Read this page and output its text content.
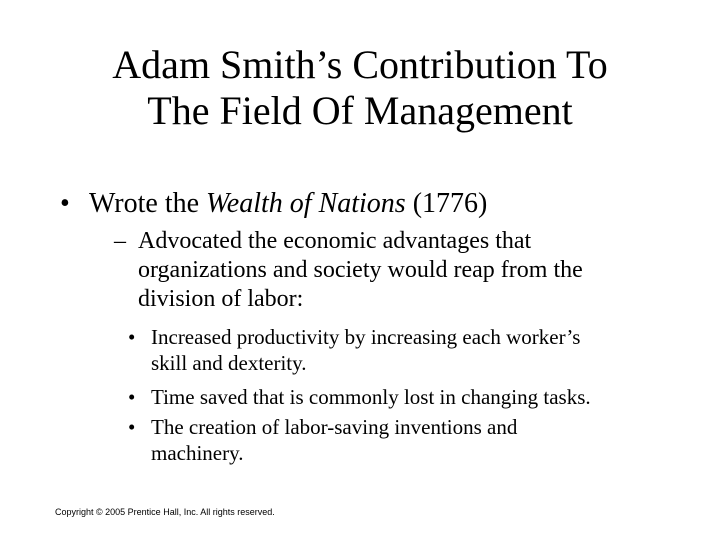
Adam Smith’s Contribution To
The Field Of Management
• Wrote the Wealth of Nations (1776)
– Advocated the economic advantages that
organizations and society would reap from the
division of labor:
• Increased productivity by increasing each worker’s
skill and dexterity.
• Time saved that is commonly lost in changing tasks.
• The creation of labor-saving inventions and
machinery.
Copyright © 2005 Prentice Hall, Inc. All rights reserved.
